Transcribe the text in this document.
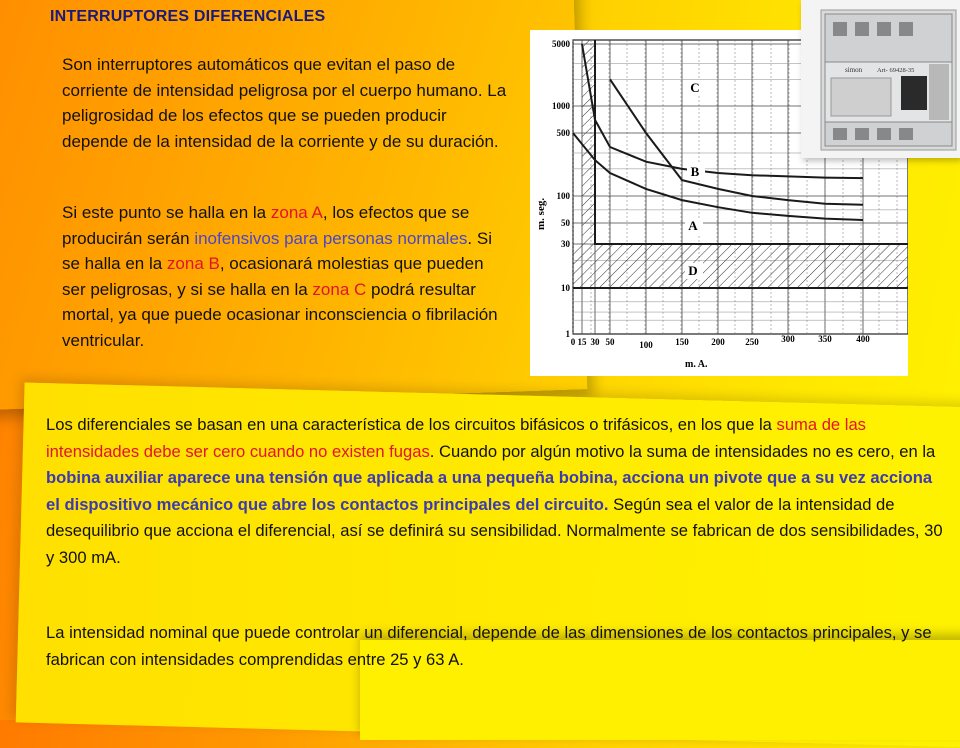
INTERRUPTORES DIFERENCIALES
Son interruptores automáticos que evitan el paso de corriente de intensidad peligrosa por el cuerpo humano. La peligrosidad de los efectos que se pueden producir depende de la intensidad de la corriente y de su duración.
Si este punto se halla en la zona A, los efectos que se producirán serán inofensivos para personas normales. Si se halla en la zona B, ocasionará molestias que pueden ser peligrosas, y si se halla en la zona C podrá resultar mortal, ya que puede ocasionar inconsciencia o fibrilación ventricular.
5000
1000
500
100
50
30
10
1
0 15 30 50	100	150	200 250	300	350	400
m. seg.
m. A.
C
B
A
D
simon Art- 69428-35
Los diferenciales se basan en una característica de los circuitos bifásicos o trifásicos, en los que la suma de las intensidades debe ser cero cuando no existen fugas. Cuando por algún motivo la suma de intensidades no es cero, en la bobina auxiliar aparece una tensión que aplicada a una pequeña bobina, acciona un pivote que a su vez acciona el dispositivo mecánico que abre los contactos principales del circuito. Según sea el valor de la intensidad de desequilibrio que acciona el diferencial, así se definirá su sensibilidad. Normalmente se fabrican de dos sensibilidades, 30 y 300 mA.
La intensidad nominal que puede controlar un diferencial, depende de las dimensiones de los contactos principales, y se fabrican con intensidades comprendidas entre 25 y 63 A.
